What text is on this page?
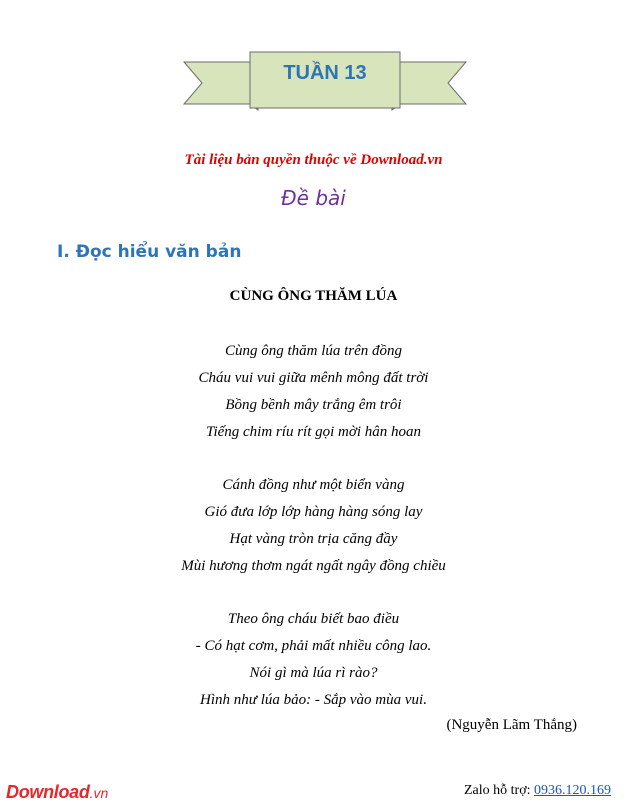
TUẦN 13
Tài liệu bản quyền thuộc về Download.vn
Đề bài
I. Đọc hiểu văn bản
CÙNG ÔNG THĂM LÚA
Cùng ông thăm lúa trên đồng
Cháu vui vui giữa mênh mông đất trời
Bồng bềnh mây trắng êm trôi
Tiếng chim ríu rít gọi mời hân hoan
Cánh đồng như một biển vàng
Gió đưa lớp lớp hàng hàng sóng lay
Hạt vàng tròn trịa căng đầy
Mùi hương thơm ngát ngất ngây đồng chiều
Theo ông cháu biết bao điều
- Có hạt cơm, phải mất nhiều công lao.
Nói gì mà lúa rì rào?
Hình như lúa bảo: - Sắp vào mùa vui.
(Nguyễn Lãm Thắng)
Download.vn	Zalo hỗ trợ: 0936.120.169
